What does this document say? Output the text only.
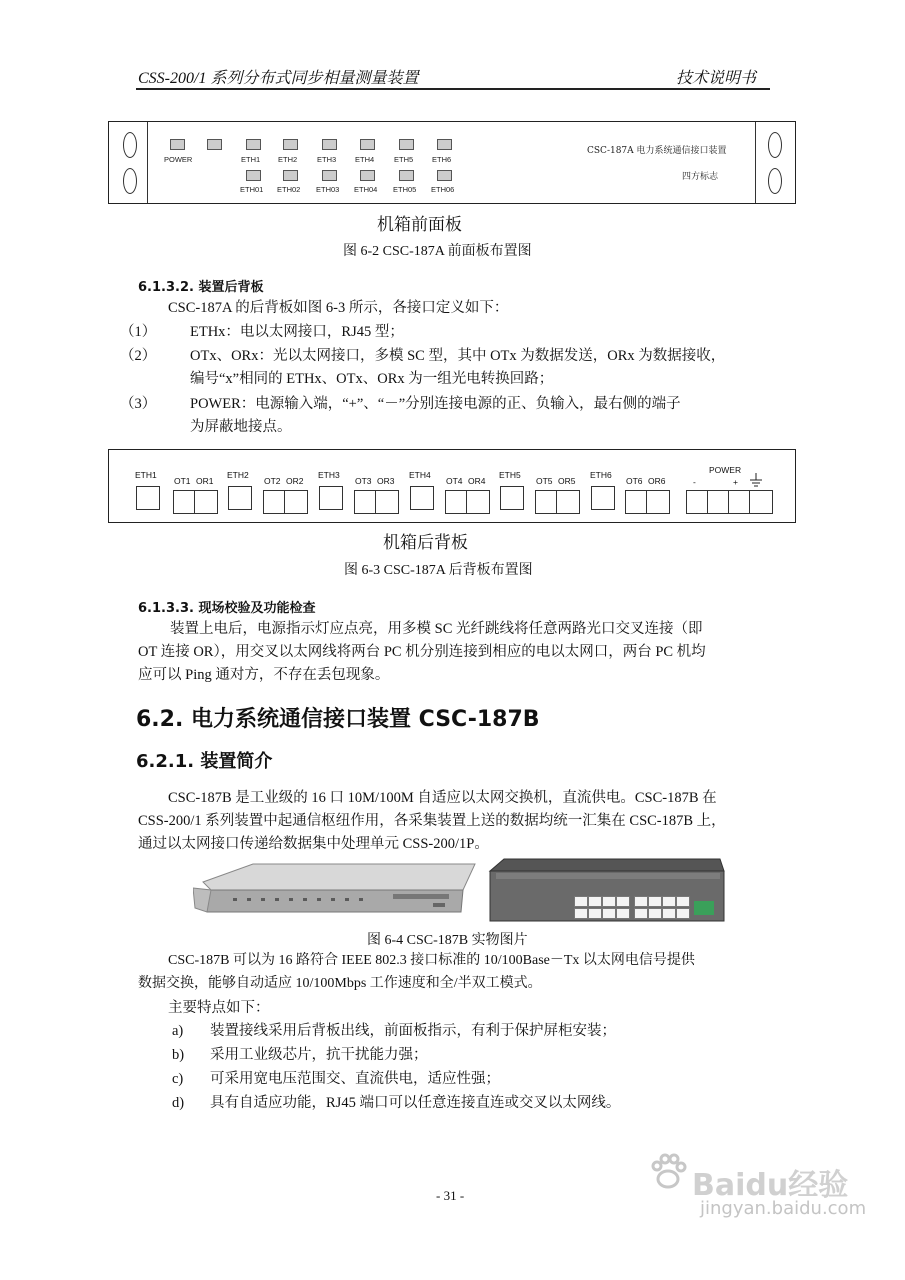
CSS-200/1 系列分布式同步相量测量装置	技术说明书
POWER	ETH1
ETH01
ETH2
ETH02
ETH3
ETH03
ETH4
ETH04
ETH5
ETH05
ETH6
ETH06
CSC-187A 电力系统通信接口装置
四方标志
机箱前面板
图 6-2 CSC-187A 前面板布置图
6.1.3.2. 装置后背板
CSC-187A 的后背板如图 6-3 所示，各接口定义如下：
（1） ETHx：电以太网接口，RJ45 型；
（2） OTx、ORx：光以太网接口，多模 SC 型，其中 OTx 为数据发送，ORx 为数据接收，
编号“x”相同的 ETHx、OTx、ORx 为一组光电转换回路；
（3） POWER：电源输入端，“+”、“－”分别连接电源的正、负输入，最右侧的端子
为屏蔽地接点。
ETH1
OT1 OR1
ETH2
OT2 OR2
ETH3
OT3 OR3
ETH4
OT4 OR4
ETH5
OT5 OR5
ETH6
OT6 OR6
POWER
-	+
机箱后背板
图 6-3 CSC-187A 后背板布置图
6.1.3.3. 现场校验及功能检查
装置上电后，电源指示灯应点亮，用多模 SC 光纤跳线将任意两路光口交叉连接（即
OT 连接 OR），用交叉以太网线将两台 PC 机分别连接到相应的电以太网口，两台 PC 机均
应可以 Ping 通对方，不存在丢包现象。
6.2. 电力系统通信接口装置 CSC-187B
6.2.1. 装置简介
CSC-187B 是工业级的 16 口 10M/100M 自适应以太网交换机，直流供电。CSC-187B 在
CSS-200/1 系列装置中起通信枢纽作用，各采集装置上送的数据均统一汇集在 CSC-187B 上，
通过以太网接口传递给数据集中处理单元 CSS-200/1P。
图 6-4 CSC-187B 实物图片
CSC-187B 可以为 16 路符合 IEEE 802.3 接口标准的 10/100Base－Tx 以太网电信号提供
数据交换，能够自动适应 10/100Mbps 工作速度和全/半双工模式。
主要特点如下：
a) 装置接线采用后背板出线，前面板指示，有利于保护屏柜安装；
b) 采用工业级芯片，抗干扰能力强；
c) 可采用宽电压范围交、直流供电，适应性强；
d) 具有自适应功能，RJ45 端口可以任意连接直连或交叉以太网线。
- 31 -	Baidu经验
jingyan.baidu.com
